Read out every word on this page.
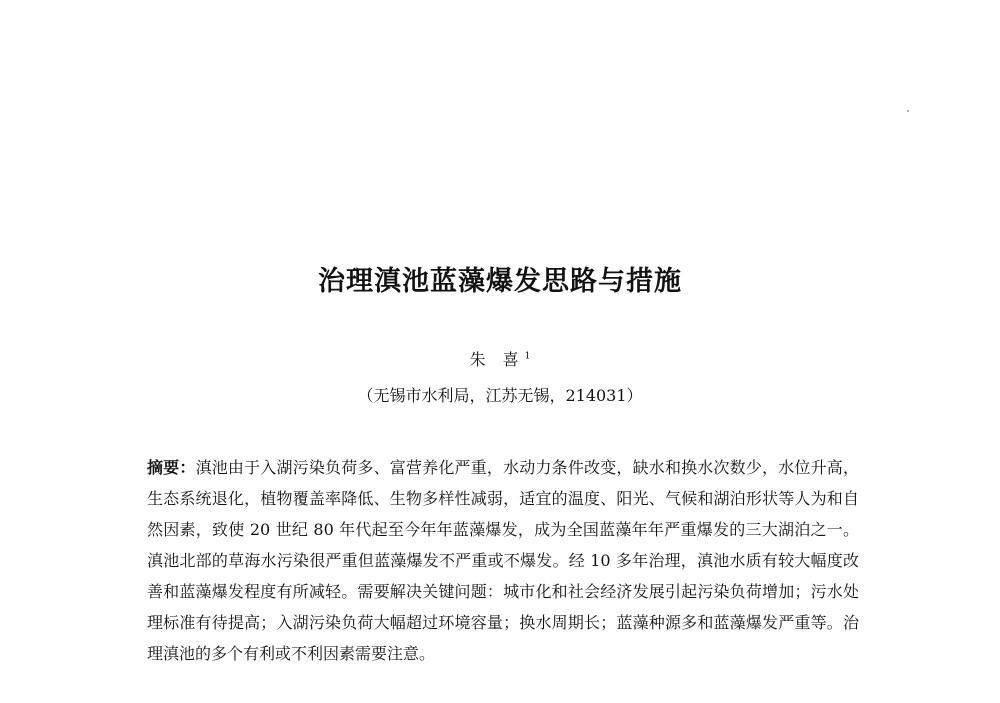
治理滇池蓝藻爆发思路与措施
朱 喜$^1$
（无锡市水利局，江苏无锡，214031）
摘要：滇池由于入湖污染负荷多、富营养化严重，水动力条件改变，缺水和换水次数少，水位升高，生态系统退化，植物覆盖率降低、生物多样性减弱，适宜的温度、阳光、气候和湖泊形状等人为和自然因素，致使 20 世纪 80 年代起至今年年蓝藻爆发，成为全国蓝藻年年严重爆发的三大湖泊之一。滇池北部的草海水污染很严重但蓝藻爆发不严重或不爆发。经 10 多年治理，滇池水质有较大幅度改善和蓝藻爆发程度有所减轻。需要解决关键问题：城市化和社会经济发展引起污染负荷增加；污水处理标准有待提高；入湖污染负荷大幅超过环境容量；换水周期长；蓝藻种源多和蓝藻爆发严重等。治理滇池的多个有利或不利因素需要注意。
